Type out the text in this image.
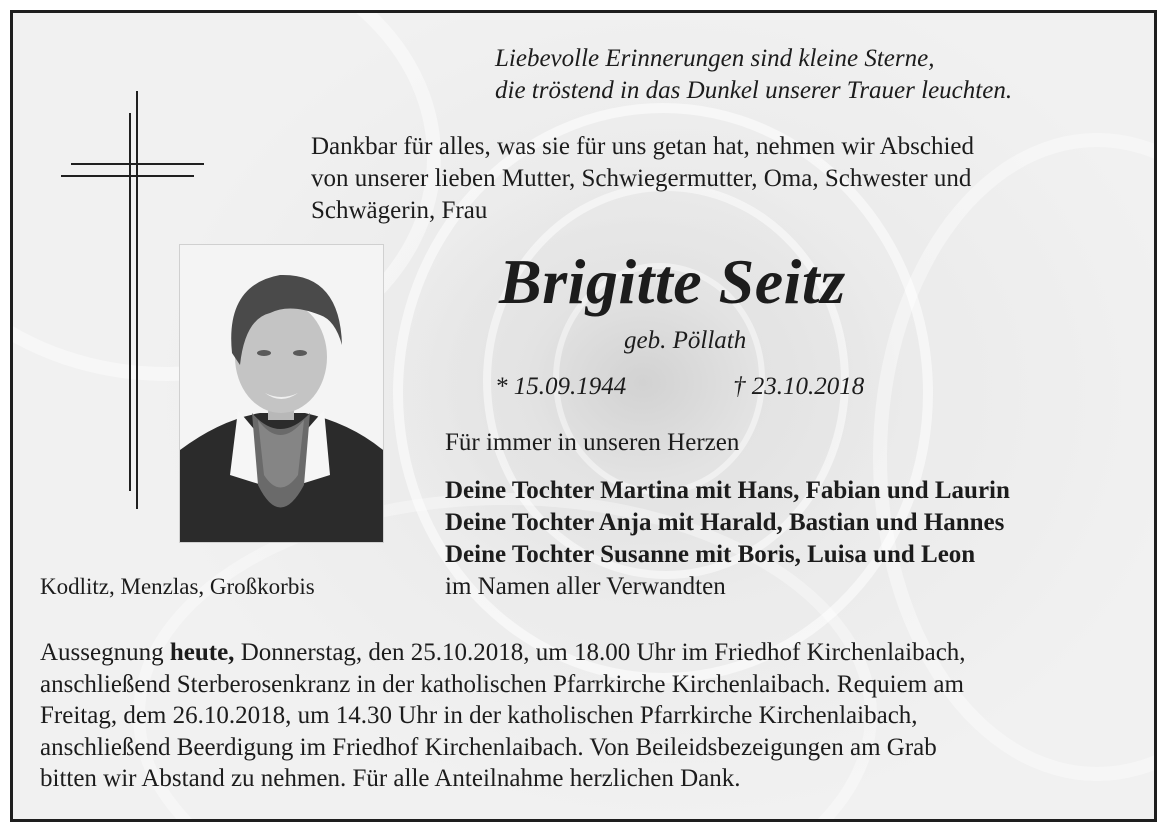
Liebevolle Erinnerungen sind kleine Sterne,
die tröstend in das Dunkel unserer Trauer leuchten.
Dankbar für alles, was sie für uns getan hat, nehmen wir Abschied
von unserer lieben Mutter, Schwiegermutter, Oma, Schwester und
Schwägerin, Frau
Brigitte Seitz
geb. Pöllath
* 15.09.1944	† 23.10.2018
Für immer in unseren Herzen
Deine Tochter Martina mit Hans, Fabian und Laurin
Deine Tochter Anja mit Harald, Bastian und Hannes
Deine Tochter Susanne mit Boris, Luisa und Leon
im Namen aller Verwandten
Kodlitz, Menzlas, Großkorbis
Aussegnung heute, Donnerstag, den 25.10.2018, um 18.00 Uhr im Friedhof Kirchenlaibach,
anschließend Sterberosenkranz in der katholischen Pfarrkirche Kirchenlaibach. Requiem am
Freitag, dem 26.10.2018, um 14.30 Uhr in der katholischen Pfarrkirche Kirchenlaibach,
anschließend Beerdigung im Friedhof Kirchenlaibach. Von Beileidsbezeigungen am Grab
bitten wir Abstand zu nehmen. Für alle Anteilnahme herzlichen Dank.
